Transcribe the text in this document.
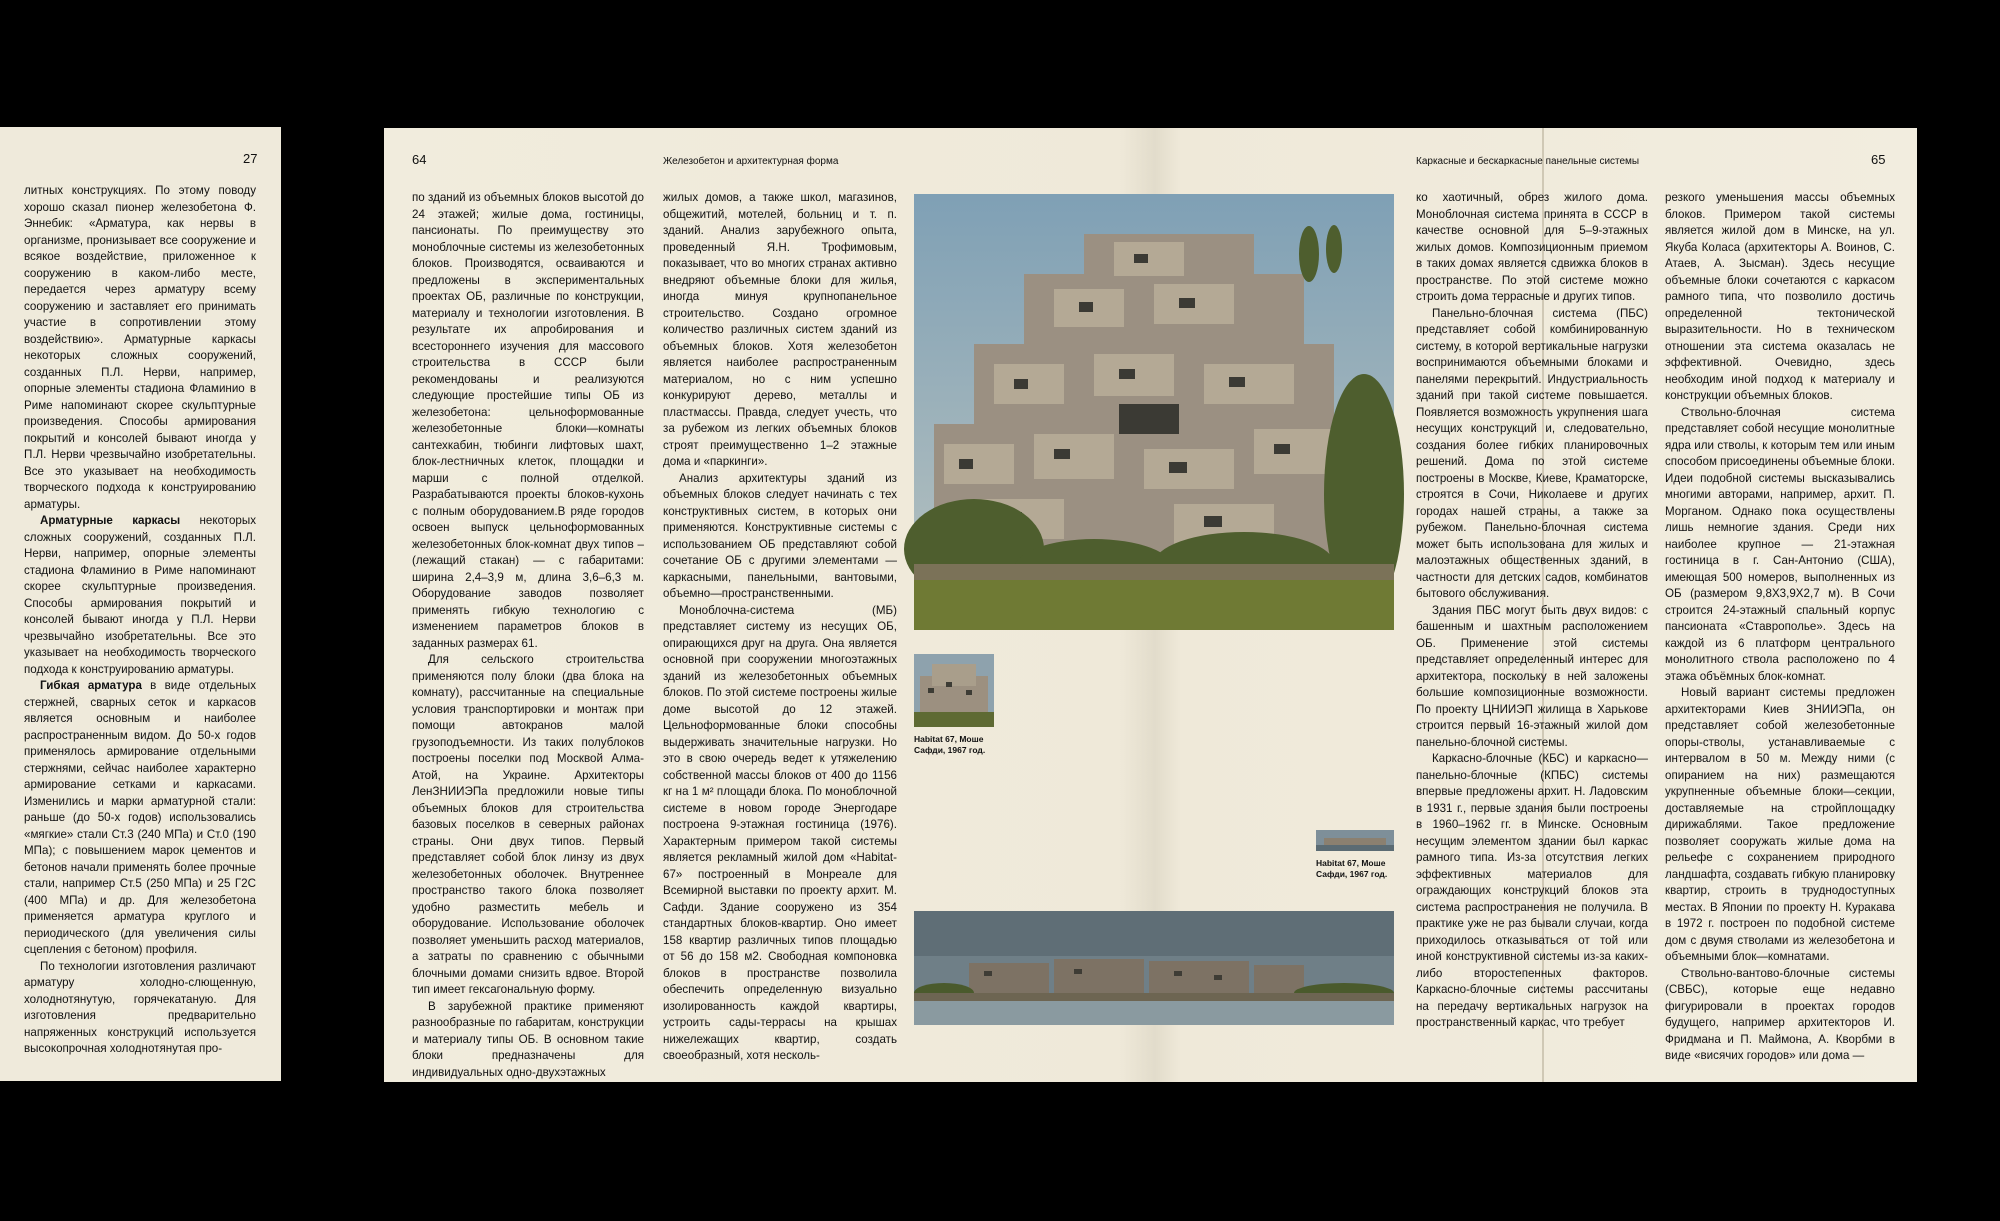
27

литных конструкциях. По этому поводу хорошо сказал пионер железобетона Ф. Эннебик: «Арматура, как нервы в организме, пронизывает все сооружение и всякое воздействие, приложенное к сооружению в каком-либо месте, передается через арматуру всему сооружению и заставляет его принимать участие в сопротивлении этому воздействию». Арматурные каркасы некоторых сложных сооружений, созданных П.Л. Нерви, например, опорные элементы стадиона Фламинио в Риме напоминают скорее скульптурные произведения. Способы армирования покрытий и консолей бывают иногда у П.Л. Нерви чрезвычайно изобретательны. Все это указывает на необходимость творческого подхода к конструированию арматуры.

Арматурные каркасы некоторых сложных сооружений, созданных П.Л. Нерви, например, опорные элементы стадиона Фламинио в Риме напоминают скорее скульптурные произведения. Способы армирования покрытий и консолей бывают иногда у П.Л. Нерви чрезвычайно изобретательны. Все это указывает на необходимость творческого подхода к конструированию арматуры.

Гибкая арматура в виде отдельных стержней, сварных сеток и каркасов является основным и наиболее распространенным видом. До 50-х годов применялось армирование отдельными стержнями, сейчас наиболее характерно армирование сетками и каркасами. Изменились и марки арматурной стали: раньше (до 50-х годов) использовались «мягкие» стали Ст.3 (240 МПа) и Ст.0 (190 МПа); с повышением марок цементов и бетонов начали применять более прочные стали, например Ст.5 (250 МПа) и 25 Г2С (400 МПа) и др. Для железобетона применяется арматура круглого и периодического (для увеличения силы сцепления с бетоном) профиля.

По технологии изготовления различают арматуру холодно-слющенную, холоднотянутую, горячекатаную. Для изготовления предварительно напряженных конструкций используется высокопрочная холоднотянутая про-

64	Железобетон и архитектурная форма

по зданий из объемных блоков высотой до 24 этажей; жилые дома, гостиницы, пансионаты. По преимуществу это моноблочные системы из железобетонных блоков. Производятся, осваиваются и предложены в экспериментальных проектах ОБ, различные по конструкции, материалу и технологии изготовления. В результате их апробирования и всестороннего изучения для массового строительства в СССР были рекомендованы и реализуются следующие простейшие типы ОБ из железобетона: цельноформованные железобетонные блоки—комнаты сантехкабин, тюбинги лифтовых шахт, блок-лестничных клеток, площадки и марши с полной отделкой. Разрабатываются проекты блоков-кухонь с полным оборудованием.В ряде городов освоен выпуск цельноформованных железобетонных блок-комнат двух типов – (лежащий стакан) — с габаритами: ширина 2,4–3,9 м, длина 3,6–6,3 м. Оборудование заводов позволяет применять гибкую технологию с изменением параметров блоков в заданных размерах 61.

Для сельского строительства применяются полу блоки (два блока на комнату), рассчитанные на специальные условия транспортировки и монтаж при помощи автокранов малой грузоподъемности. Из таких полублоков построены поселки под Москвой Алма-Атой, на Украине. Архитекторы ЛенЗНИИЭПа предложили новые типы объемных блоков для строительства базовых поселков в северных районах страны. Они двух типов. Первый представляет собой блок линзу из двух железобетонных оболочек. Внутреннее пространство такого блока позволяет удобно разместить мебель и оборудование. Использование оболочек позволяет уменьшить расход материалов, а затраты по сравнению с обычными блочными домами снизить вдвое. Второй тип имеет гексагональную форму.

В зарубежной практике применяют разнообразные по габаритам, конструкции и материалу типы ОБ. В основном такие блоки предназначены для индивидуальных одно-двухэтажных

жилых домов, а также школ, магазинов, общежитий, мотелей, больниц и т. п. зданий. Анализ зарубежного опыта, проведенный Я.Н. Трофимовым, показывает, что во многих странах активно внедряют объемные блоки для жилья, иногда минуя крупнопанельное строительство. Создано огромное количество различных систем зданий из объемных блоков. Хотя железобетон является наиболее распространенным материалом, но с ним успешно конкурируют дерево, металлы и пластмассы. Правда, следует учесть, что за рубежом из легких объемных блоков строят преимущественно 1–2 этажные дома и «паркинги».

Анализ архитектуры зданий из объемных блоков следует начинать с тех конструктивных систем, в которых они применяются. Конструктивные системы с использованием ОБ представляют собой сочетание ОБ с другими элементами — каркасными, панельными, вантовыми, объемно—пространственными.

Моноблочна-система (МБ) представляет систему из несущих ОБ, опирающихся друг на друга. Она является основной при сооружении многоэтажных зданий из железобетонных объемных блоков. По этой системе построены жилые доме высотой до 12 этажей. Цельноформованные блоки способны выдерживать значительные нагрузки. Но это в свою очередь ведет к утяжелению собственной массы блоков от 400 до 1156 кг на 1 м² площади блока. По моноблочной системе в новом городе Энергодаре построена 9-этажная гостиница (1976). Характерным примером такой системы является рекламный жилой дом «Habitat-67» построенный в Монреале для Всемирной выставки по проекту архит. М. Сафди. Здание сооружено из 354 стандартных блоков-квартир. Оно имеет 158 квартир различных типов площадью от 56 до 158 м2. Свободная компоновка блоков в пространстве позволила обеспечить определенную визуально изолированность каждой квартиры, устроить сады-террасы на крышах нижележащих квартир, создать своеобразный, хотя несколь-

Habitat 67, Моше Сафди, 1967 год.
Habitat 67, Моше Сафди, 1967 год.
Каркасные и бескаркасные панельные системы	65

ко хаотичный, обрез жилого дома. Моноблочная система принята в СССР в качестве основной для 5–9-этажных жилых домов. Композиционным приемом в таких домах является сдвижка блоков в пространстве. По этой системе можно строить дома террасные и других типов.

Панельно-блочная система (ПБС) представляет собой комбинированную систему, в которой вертикальные нагрузки воспринимаются объемными блоками и панелями перекрытий. Индустриальность зданий при такой системе повышается. Появляется возможность укрупнения шага несущих конструкций и, следовательно, создания более гибких планировочных решений. Дома по этой системе построены в Москве, Киеве, Краматорске, строятся в Сочи, Николаеве и других городах нашей страны, а также за рубежом. Панельно-блочная система может быть использована для жилых и малоэтажных общественных зданий, в частности для детских садов, комбинатов бытового обслуживания.

Здания ПБС могут быть двух видов: с башенным и шахтным расположением ОБ. Применение этой системы представляет определенный интерес для архитектора, поскольку в ней заложены большие композиционные возможности. По проекту ЦНИИЭП жилища в Харькове строится первый 16-этажный жилой дом панельно-блочной системы.

Каркасно-блочные (КБС) и каркасно—панельно-блочные (КПБС) системы впервые предложены архит. Н. Ладовским в 1931 г., первые здания были построены в 1960–1962 гг. в Минске. Основным несущим элементом здании был каркас рамного типа. Из-за отсутствия легких эффективных материалов для ограждающих конструкций блоков эта система распространения не получила. В практике уже не раз бывали случаи, когда приходилось отказываться от той или иной конструктивной системы из-за каких-либо второстепенных факторов. Каркасно-блочные системы рассчитаны на передачу вертикальных нагрузок на пространственный каркас, что требует

резкого уменьшения массы объемных блоков. Примером такой системы является жилой дом в Минске, на ул. Якуба Коласа (архитекторы А. Воинов, С. Атаев, А. Зысман). Здесь несущие объемные блоки сочетаются с каркасом рамного типа, что позволило достичь определенной тектонической выразительности. Но в техническом отношении эта система оказалась не эффективной. Очевидно, здесь необходим иной подход к материалу и конструкции объемных блоков.

Ствольно-блочная система представляет собой несущие монолитные ядра или стволы, к которым тем или иным способом присоединены объемные блоки. Идеи подобной системы высказывались многими авторами, например, архит. П. Морганом. Однако пока осуществлены лишь немногие здания. Среди них наиболее крупное — 21-этажная гостиница в г. Сан-Антонио (США), имеющая 500 номеров, выполненных из ОБ (размером 9,8Х3,9Х2,7 м). В Сочи строится 24-этажный спальный корпус пансионата «Ставрополье». Здесь на каждой из 6 платформ центрального монолитного ствола расположено по 4 этажа объёмных блок-комнат.

Новый вариант системы предложен архитекторами Киев ЗНИИЭПа, он представляет собой железобетонные опоры-стволы, устанавливаемые с интервалом в 50 м. Между ними (с опиранием на них) размещаются укрупненные объемные блоки—секции, доставляемые на стройплощадку дирижаблями. Такое предложение позволяет сооружать жилые дома на рельефе с сохранением природного ландшафта, создавать гибкую планировку квартир, строить в труднодоступных местах. В Японии по проекту Н. Куракава в 1972 г. построен по подобной системе дом с двумя стволами из железобетона и объемными блок—комнатами.

Ствольно-вантово-блочные системы (СВБС), которые еще недавно фигурировали в проектах городов будущего, например архитекторов И. Фридмана и П. Маймона, А. Кворбми в виде «висячих городов» или дома —
